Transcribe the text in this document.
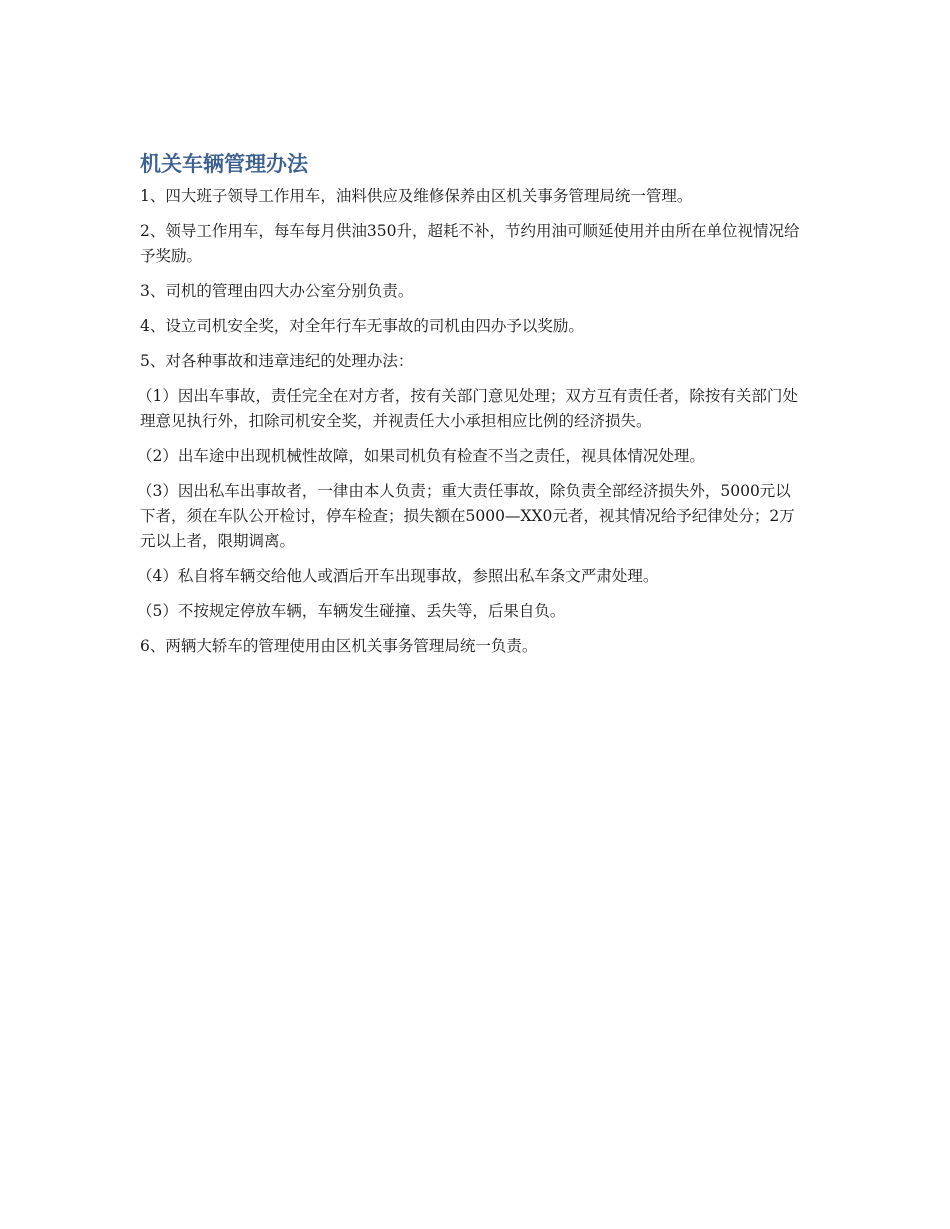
机关车辆管理办法

1、四大班子领导工作用车，油料供应及维修保养由区机关事务管理局统一管理。

2、领导工作用车，每车每月供油350升，超耗不补，节约用油可顺延使用并由所在单位视情况给予奖励。

3、司机的管理由四大办公室分别负责。

4、设立司机安全奖，对全年行车无事故的司机由四办予以奖励。

5、对各种事故和违章违纪的处理办法：

（1）因出车事故，责任完全在对方者，按有关部门意见处理；双方互有责任者，除按有关部门处理意见执行外，扣除司机安全奖，并视责任大小承担相应比例的经济损失。

（2）出车途中出现机械性故障，如果司机负有检查不当之责任，视具体情况处理。

（3）因出私车出事故者，一律由本人负责；重大责任事故，除负责全部经济损失外，5000元以下者，须在车队公开检讨，停车检查；损失额在5000—XX0元者，视其情况给予纪律处分；2万元以上者，限期调离。

（4）私自将车辆交给他人或酒后开车出现事故，参照出私车条文严肃处理。

（5）不按规定停放车辆，车辆发生碰撞、丢失等，后果自负。

6、两辆大轿车的管理使用由区机关事务管理局统一负责。
